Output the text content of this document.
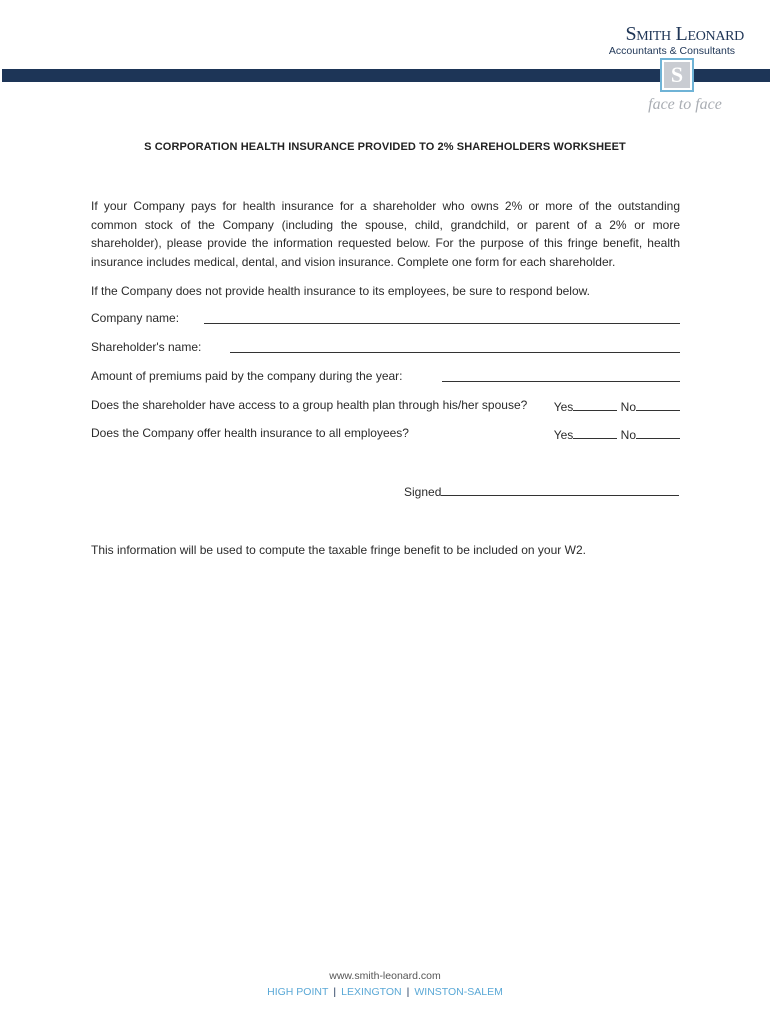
Smith Leonard
Accountants & Consultants
S
face to face
S CORPORATION HEALTH INSURANCE PROVIDED TO 2% SHAREHOLDERS WORKSHEET
If your Company pays for health insurance for a shareholder who owns 2% or more of the outstanding common stock of the Company (including the spouse, child, grandchild, or parent of a 2% or more shareholder), please provide the information requested below. For the purpose of this fringe benefit, health insurance includes medical, dental, and vision insurance. Complete one form for each shareholder.
If the Company does not provide health insurance to its employees, be sure to respond below.
Company name:
Shareholder's name:
Amount of premiums paid by the company during the year:
Does the shareholder have access to a group health plan through his/her spouse? Yes	No
Does the Company offer health insurance to all employees?	Yes	No
Signed
This information will be used to compute the taxable fringe benefit to be included on your W2.
www.smith-leonard.com
HIGH POINT | LEXINGTON | WINSTON-SALEM
